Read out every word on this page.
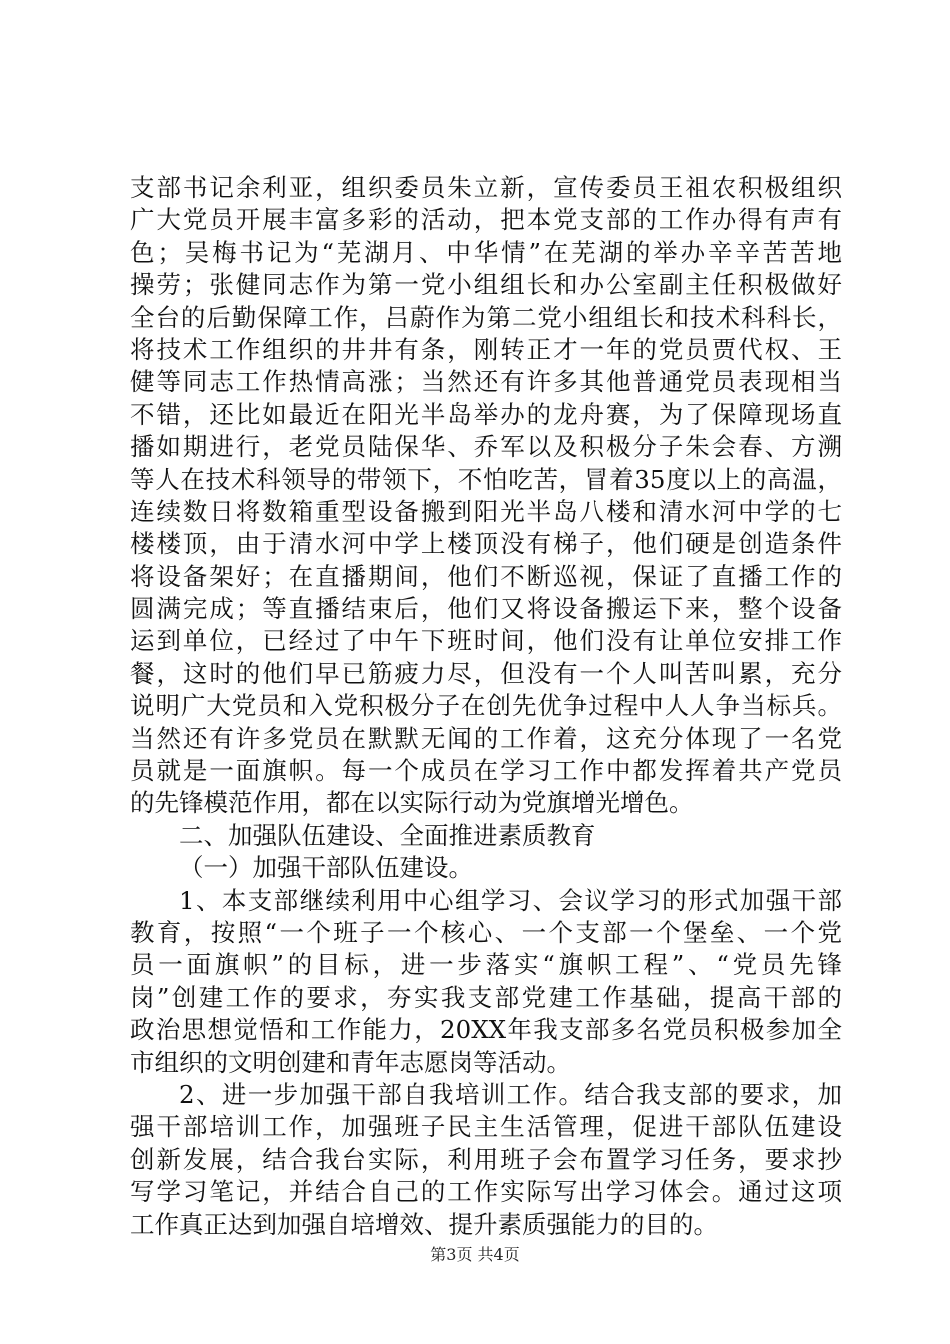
支部书记余利亚，组织委员朱立新，宣传委员王祖农积极组织
广大党员开展丰富多彩的活动，把本党支部的工作办得有声有
色；吴梅书记为“芜湖月、中华情”在芜湖的举办辛辛苦苦地
操劳；张健同志作为第一党小组组长和办公室副主任积极做好
全台的后勤保障工作，吕蔚作为第二党小组组长和技术科科长，
将技术工作组织的井井有条，刚转正才一年的党员贾代权、王
健等同志工作热情高涨；当然还有许多其他普通党员表现相当
不错，还比如最近在阳光半岛举办的龙舟赛，为了保障现场直
播如期进行，老党员陆保华、乔军以及积极分子朱会春、方溯
等人在技术科领导的带领下，不怕吃苦，冒着35度以上的高温，
连续数日将数箱重型设备搬到阳光半岛八楼和清水河中学的七
楼楼顶，由于清水河中学上楼顶没有梯子，他们硬是创造条件
将设备架好；在直播期间，他们不断巡视，保证了直播工作的
圆满完成；等直播结束后，他们又将设备搬运下来，整个设备
运到单位，已经过了中午下班时间，他们没有让单位安排工作
餐，这时的他们早已筋疲力尽，但没有一个人叫苦叫累，充分
说明广大党员和入党积极分子在创先优争过程中人人争当标兵。
当然还有许多党员在默默无闻的工作着，这充分体现了一名党
员就是一面旗帜。每一个成员在学习工作中都发挥着共产党员
的先锋模范作用，都在以实际行动为党旗增光增色。
二、加强队伍建设、全面推进素质教育
（一）加强干部队伍建设。
1、本支部继续利用中心组学习、会议学习的形式加强干部
教育，按照“一个班子一个核心、一个支部一个堡垒、一个党
员一面旗帜”的目标，进一步落实“旗帜工程”、“党员先锋
岗”创建工作的要求，夯实我支部党建工作基础，提高干部的
政治思想觉悟和工作能力，20XX年我支部多名党员积极参加全
市组织的文明创建和青年志愿岗等活动。
2、进一步加强干部自我培训工作。结合我支部的要求，加
强干部培训工作，加强班子民主生活管理，促进干部队伍建设
创新发展，结合我台实际，利用班子会布置学习任务，要求抄
写学习笔记，并结合自己的工作实际写出学习体会。通过这项
工作真正达到加强自培增效、提升素质强能力的目的。
第3页 共4页
